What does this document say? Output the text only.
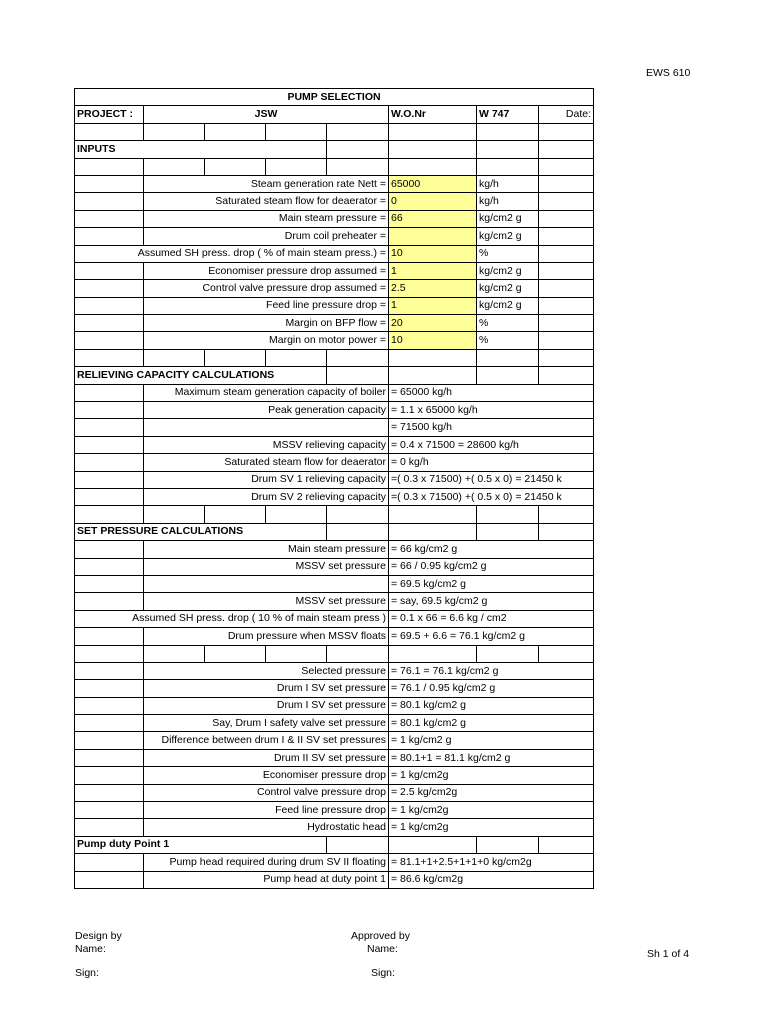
EWS 610
PUMP SELECTION							
PROJECT :	JSW				W.O.Nr	W 747	Date:

INPUTS							

	Steam generation rate Nett =				65000	kg/h	
	Saturated steam flow for deaerator =				0	kg/h	
	Main steam pressure =				66	kg/cm2 g	
	Drum coil preheater =					kg/cm2 g	
Assumed SH press. drop ( % of main steam press.) =					10	%	
	Economiser pressure drop assumed =				1	kg/cm2 g	
	Control valve pressure drop assumed =				2.5	kg/cm2 g	
	Feed line pressure drop =				1	kg/cm2 g	
	Margin on BFP flow =				20	%	
	Margin on motor power =				10	%	

RELIEVING CAPACITY CALCULATIONS							
	Maximum steam generation capacity of boiler				= 65000 kg/h		
	Peak generation capacity				= 1.1 x 65000 kg/h		
					= 71500 kg/h		
	MSSV relieving capacity				= 0.4 x 71500 = 28600 kg/h		
	Saturated steam flow for deaerator				= 0 kg/h		
	Drum SV 1 relieving capacity				=( 0.3 x 71500) +( 0.5 x 0) = 21450 k		
	Drum SV 2 relieving capacity				=( 0.3 x 71500) +( 0.5 x 0) = 21450 k		

SET PRESSURE CALCULATIONS							
	Main steam pressure				= 66 kg/cm2 g		
	MSSV set pressure				= 66 / 0.95 kg/cm2 g		
					= 69.5 kg/cm2 g		
	MSSV set pressure				= say, 69.5 kg/cm2 g		
Assumed SH press. drop ( 10 % of main steam press )					= 0.1 x 66 = 6.6 kg / cm2		
	Drum pressure when MSSV floats				= 69.5 + 6.6 = 76.1 kg/cm2 g		

	Selected pressure				= 76.1 = 76.1 kg/cm2 g		
	Drum I SV set pressure				= 76.1 / 0.95 kg/cm2 g		
	Drum I SV set pressure				= 80.1 kg/cm2 g		
	Say, Drum I safety valve set pressure				= 80.1 kg/cm2 g		
	Difference between drum I & II SV set pressures				= 1 kg/cm2 g		
	Drum II SV set pressure				= 80.1+1 = 81.1 kg/cm2 g		
	Economiser pressure drop				= 1 kg/cm2g		
	Control valve pressure drop				= 2.5 kg/cm2g		
	Feed line pressure drop				= 1 kg/cm2g		
	Hydrostatic head				= 1 kg/cm2g		
Pump duty Point 1							
	Pump head required during drum SV II floating				= 81.1+1+2.5+1+1+0 kg/cm2g		
	Pump head at duty point 1				= 86.6 kg/cm2g		
Design by
Name:
Sign:
Approved by
Name:
Sign:
Sh 1 of 4
